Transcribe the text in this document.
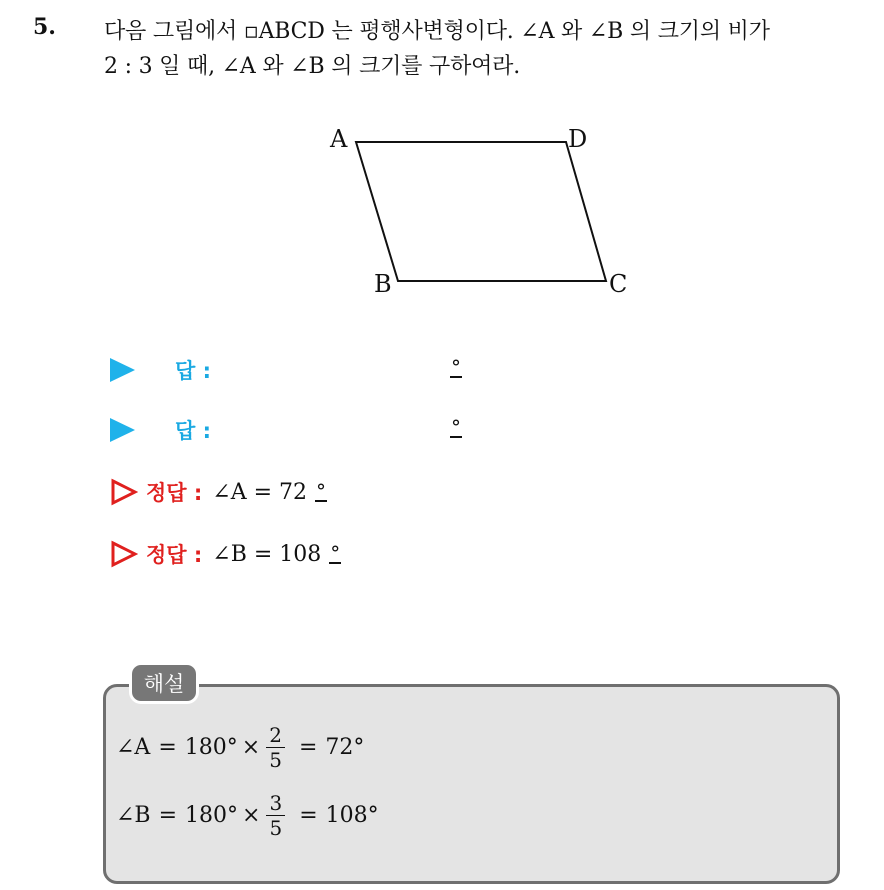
5. 다음 그림에서 ▫ABCD 는 평행사변형이다. ∠A 와 ∠B 의 크기의 비가
2 : 3 일 때, ∠A 와 ∠B 의 크기를 구하여라.
A	D
B	C
답 :	°
답 :	°
정답 : ∠A = 72 °
정답 : ∠B = 108 °
해설
∠A = $180^\circ \times \frac{2}{5} = 72^\circ$
∠B = $180^\circ \times \frac{3}{5} = 108^\circ$
